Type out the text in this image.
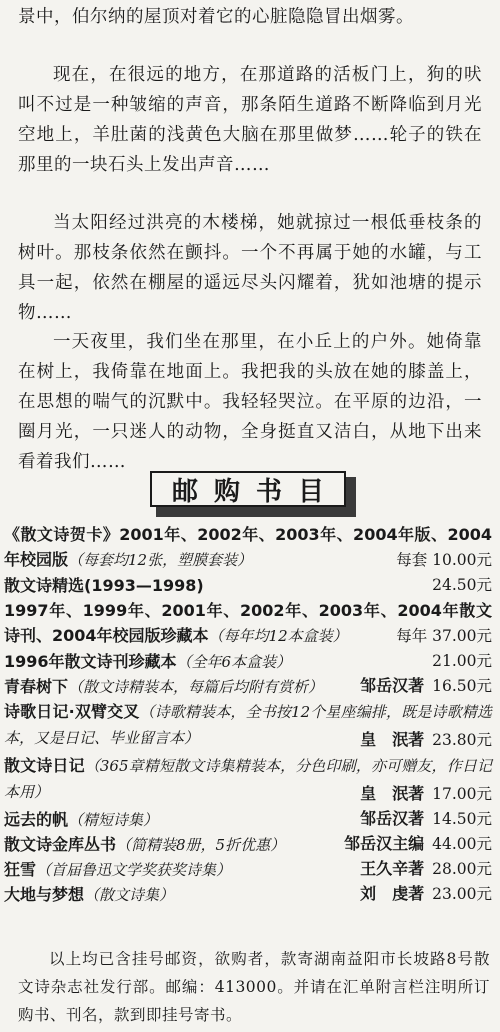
景中，伯尔纳的屋顶对着它的心脏隐隐冒出烟雾。

现在，在很远的地方，在那道路的活板门上，狗的吠叫不过是一种皱缩的声音，那条陌生道路不断降临到月光空地上，羊肚菌的浅黄色大脑在那里做梦……轮子的铁在那里的一块石头上发出声音……

当太阳经过洪亮的木楼梯，她就掠过一根低垂枝条的树叶。那枝条依然在颤抖。一个不再属于她的水罐，与工具一起，依然在棚屋的遥远尽头闪耀着，犹如池塘的提示物……

一天夜里，我们坐在那里，在小丘上的户外。她倚靠在树上，我倚靠在地面上。我把我的头放在她的膝盖上，在思想的喘气的沉默中。我轻轻哭泣。在平原的边沿，一圈月光，一只迷人的动物，全身挺直又洁白，从地下出来看着我们……

邮购书目
《散文诗贺卡》2001年、2002年、2003年、2004年版、2004年校园版（每套均12张，塑膜套装）	每套 10.00元
散文诗精选(1993—1998)	24.50元
1997年、1999年、2001年、2002年、2003年、2004年散文诗刊、2004年校园版珍藏本（每年均12本盒装）	每年 37.00元
1996年散文诗刊珍藏本（全年6本盒装）	21.00元
青春树下（散文诗精装本，每篇后均附有赏析） 邹岳汉著 16.50元
诗歌日记·双臂交叉（诗歌精装本，全书按12个星座编排，既是诗歌精选本，又是日记、毕业留言本）	皇　泯著 23.80元
散文诗日记（365章精短散文诗集精装本，分色印刷，亦可赠友，作日记本用）	皇　泯著 17.00元
远去的帆（精短诗集）	邹岳汉著 14.50元
散文诗金库丛书（简精装8册，5折优惠）	邹岳汉主编 44.00元
狂雪（首届鲁迅文学奖获奖诗集）	王久辛著 28.00元
大地与梦想（散文诗集）	刘　虔著 23.00元

以上均已含挂号邮资，欲购者，款寄湖南益阳市长坡路8号散文诗杂志社发行部。邮编：413000。并请在汇单附言栏注明所订购书、刊名，款到即挂号寄书。
